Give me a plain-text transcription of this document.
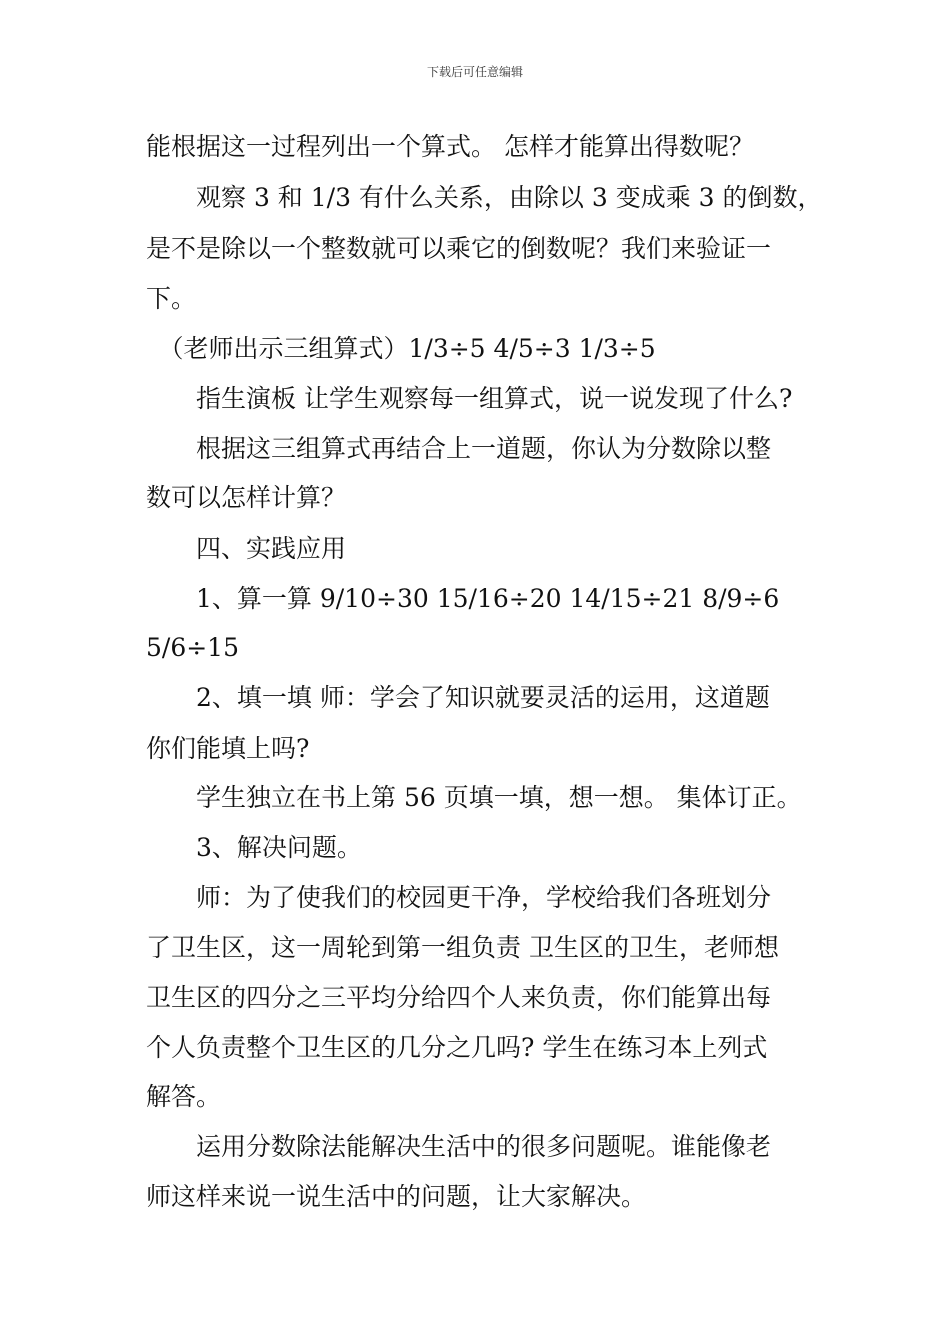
下载后可任意编辑
能根据这一过程列出一个算式。 怎样才能算出得数呢？
　　观察 3 和 1/3 有什么关系，由除以 3 变成乘 3 的倒数，
是不是除以一个整数就可以乘它的倒数呢？我们来验证一
下。
　（老师出示三组算式）1/3÷5 4/5÷3 1/3÷5
　　指生演板 让学生观察每一组算式，说一说发现了什么?
　　根据这三组算式再结合上一道题，你认为分数除以整
数可以怎样计算？
　　四、实践应用
　　1、算一算 9/10÷30 15/16÷20 14/15÷21 8/9÷6
5/6÷15
　　2、填一填 师：学会了知识就要灵活的运用，这道题
你们能填上吗?
　　学生独立在书上第 56 页填一填，想一想。 集体订正。
　　3、解决问题。
　　师：为了使我们的校园更干净，学校给我们各班划分
了卫生区，这一周轮到第一组负责 卫生区的卫生，老师想
卫生区的四分之三平均分给四个人来负责，你们能算出每
个人负责整个卫生区的几分之几吗? 学生在练习本上列式
解答。
　　运用分数除法能解决生活中的很多问题呢。谁能像老
师这样来说一说生活中的问题，让大家解决。
